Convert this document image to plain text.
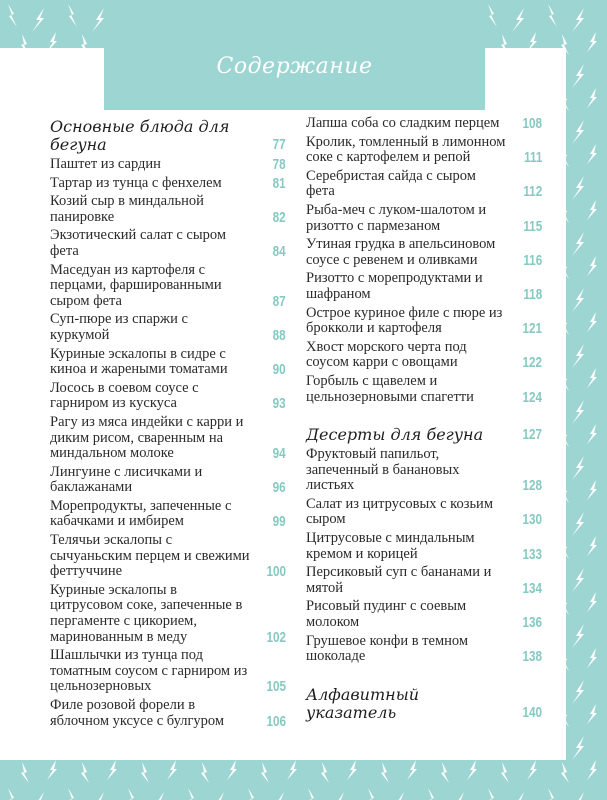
Содержание
Основные блюда для бегуна	77
Паштет из сардин	78
Тартар из тунца с фенхелем	81
Козий сыр в миндальной панировке	82
Экзотический салат с сыром фета	84
Маседуан из картофеля с перцами, фаршированными сыром фета	87
Суп-пюре из спаржи с куркумой	88
Куриные эскалопы в сидре с киноа и жареными томатами	90
Лосось в соевом соусе с гарниром из кускуса	93
Рагу из мяса индейки с карри и диким рисом, сваренным на миндальном молоке	94
Лингуине с лисичками и баклажанами	96
Морепродукты, запеченные с кабачками и имбирем	99
Телячьи эскалопы с сычуаньским перцем и свежими феттуччине	100
Куриные эскалопы в цитрусовом соке, запеченные в пергаменте с цикорием, маринованным в меду	102
Шашлычки из тунца под томатным соусом с гарниром из цельнозерновых	105
Филе розовой форели в яблочном уксусе с булгуром	106
Лапша соба со сладким перцем	108
Кролик, томленный в лимонном соке с картофелем и репой	111
Серебристая сайда с сыром фета	112
Рыба-меч с луком-шалотом и ризотто с пармезаном	115
Утиная грудка в апельсиновом соусе с ревенем и оливками	116
Ризотто с морепродуктами и шафраном	118
Острое куриное филе с пюре из брокколи и картофеля	121
Хвост морского черта под соусом карри с овощами	122
Горбыль с щавелем и цельнозерновыми спагетти	124
Десерты для бегуна	127
Фруктовый папильот, запеченный в банановых листьях	128
Салат из цитрусовых с козьим сыром	130
Цитрусовые с миндальным кремом и корицей	133
Персиковый суп с бананами и мятой	134
Рисовый пудинг с соевым молоком	136
Грушевое конфи в темном шоколаде	138
Алфавитный указатель	140
